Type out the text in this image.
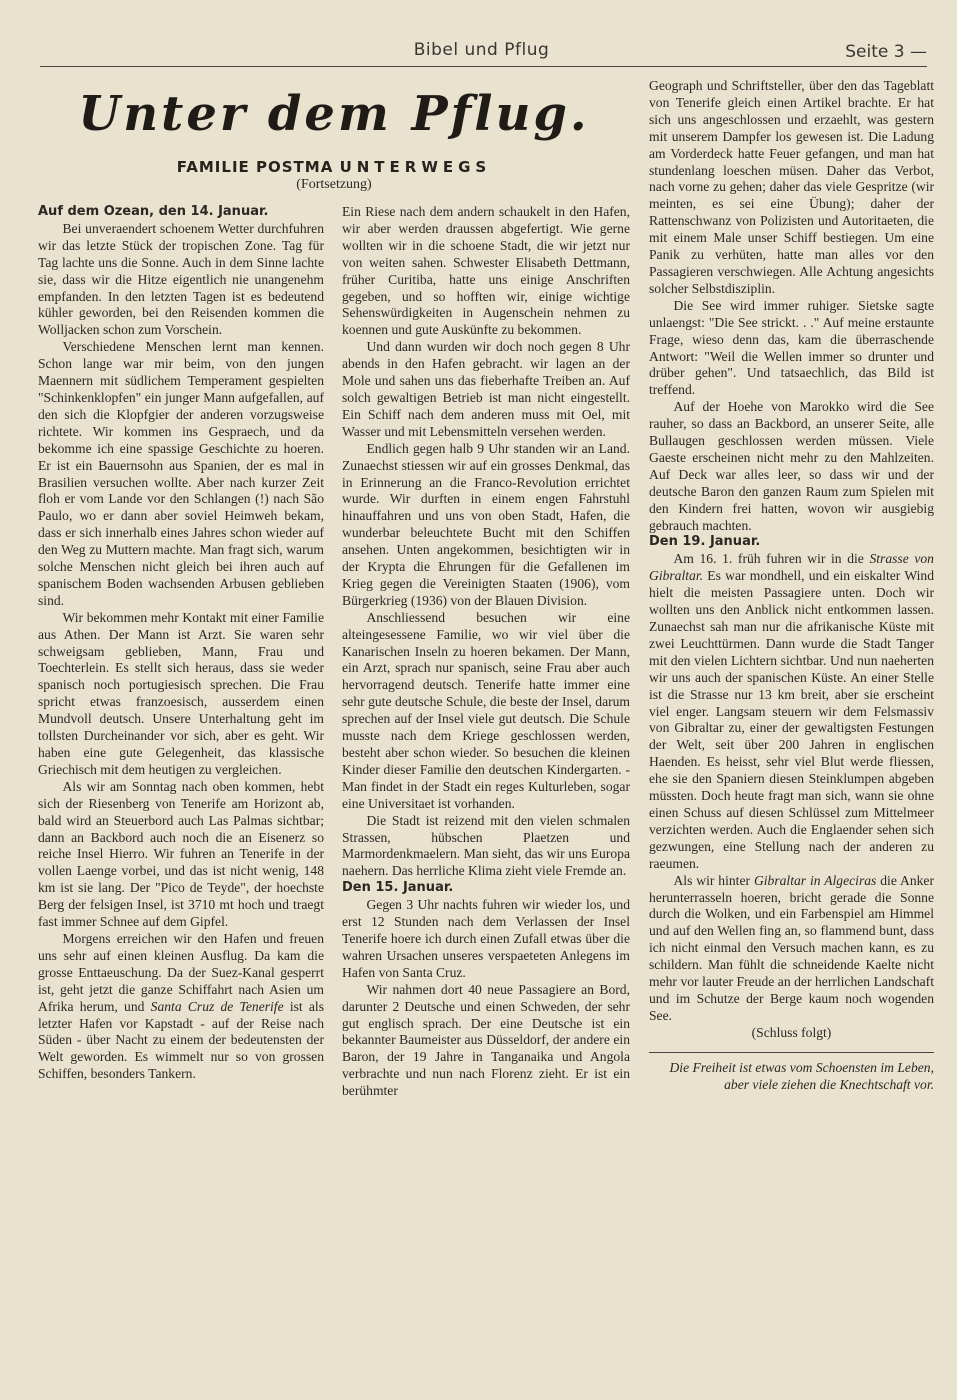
Bibel und Pflug	Seite 3 —
Unter dem Pflug.
FAMILIE POSTMA UNTERWEGS
(Fortsetzung)

Auf dem Ozean, den 14. Januar.

Bei unveraendert schoenem Wetter durchfuhren wir das letzte Stück der tropischen Zone. Tag für Tag lachte uns die Sonne. Auch in dem Sinne lachte sie, dass wir die Hitze eigentlich nie unangenehm empfanden. In den letzten Tagen ist es bedeutend kühler geworden, bei den Reisenden kommen die Wolljacken schon zum Vorschein.

Verschiedene Menschen lernt man kennen. Schon lange war mir beim, von den jungen Maennern mit südlichem Temperament gespielten "Schinkenklopfen" ein junger Mann aufgefallen, auf den sich die Klopfgier der anderen vorzugsweise richtete. Wir kommen ins Gespraech, und da bekomme ich eine spassige Geschichte zu hoeren. Er ist ein Bauernsohn aus Spanien, der es mal in Brasilien versuchen wollte. Aber nach kurzer Zeit floh er vom Lande vor den Schlangen (!) nach São Paulo, wo er dann aber soviel Heimweh bekam, dass er sich innerhalb eines Jahres schon wieder auf den Weg zu Muttern machte. Man fragt sich, warum solche Menschen nicht gleich bei ihren auch auf spanischem Boden wachsenden Arbusen geblieben sind.

Wir bekommen mehr Kontakt mit einer Familie aus Athen. Der Mann ist Arzt. Sie waren sehr schweigsam geblieben, Mann, Frau und Toechterlein. Es stellt sich heraus, dass sie weder spanisch noch portugiesisch sprechen. Die Frau spricht etwas franzoesisch, ausserdem einen Mundvoll deutsch. Unsere Unterhaltung geht im tollsten Durcheinander vor sich, aber es geht. Wir haben eine gute Gelegenheit, das klassische Griechisch mit dem heutigen zu vergleichen.

Als wir am Sonntag nach oben kommen, hebt sich der Riesenberg von Tenerife am Horizont ab, bald wird an Steuerbord auch Las Palmas sichtbar; dann an Backbord auch noch die an Eisenerz so reiche Insel Hierro. Wir fuhren an Tenerife in der vollen Laenge vorbei, und das ist nicht wenig, 148 km ist sie lang. Der "Pico de Teyde", der hoechste Berg der felsigen Insel, ist 3710 mt hoch und traegt fast immer Schnee auf dem Gipfel.

Morgens erreichen wir den Hafen und freuen uns sehr auf einen kleinen Ausflug. Da kam die grosse Enttaeuschung. Da der Suez-Kanal gesperrt ist, geht jetzt die ganze Schiffahrt nach Asien um Afrika herum, und Santa Cruz de Tenerife ist als letzter Hafen vor Kapstadt - auf der Reise nach Süden - über Nacht zu einem der bedeutensten der Welt geworden. Es wimmelt nur so von grossen Schiffen, besonders Tankern.

Ein Riese nach dem andern schaukelt in den Hafen, wir aber werden draussen abgefertigt. Wie gerne wollten wir in die schoene Stadt, die wir jetzt nur von weiten sahen. Schwester Elisabeth Dettmann, früher Curitiba, hatte uns einige Anschriften gegeben, und so hofften wir, einige wichtige Sehenswürdigkeiten in Augenschein nehmen zu koennen und gute Auskünfte zu bekommen.

Und dann wurden wir doch noch gegen 8 Uhr abends in den Hafen gebracht. wir lagen an der Mole und sahen uns das fieberhafte Treiben an. Auf solch gewaltigen Betrieb ist man nicht eingestellt. Ein Schiff nach dem anderen muss mit Oel, mit Wasser und mit Lebensmitteln versehen werden.

Endlich gegen halb 9 Uhr standen wir an Land. Zunaechst stiessen wir auf ein grosses Denkmal, das in Erinnerung an die Franco-Revolution errichtet wurde. Wir durften in einem engen Fahrstuhl hinauffahren und uns von oben Stadt, Hafen, die wunderbar beleuchtete Bucht mit den Schiffen ansehen. Unten angekommen, besichtigten wir in der Krypta die Ehrungen für die Gefallenen im Krieg gegen die Vereinigten Staaten (1906), vom Bürgerkrieg (1936) von der Blauen Division.

Anschliessend besuchen wir eine alteingesessene Familie, wo wir viel über die Kanarischen Inseln zu hoeren bekamen. Der Mann, ein Arzt, sprach nur spanisch, seine Frau aber auch hervorragend deutsch. Tenerife hatte immer eine sehr gute deutsche Schule, die beste der Insel, darum sprechen auf der Insel viele gut deutsch. Die Schule musste nach dem Kriege geschlossen werden, besteht aber schon wieder. So besuchen die kleinen Kinder dieser Familie den deutschen Kindergarten. - Man findet in der Stadt ein reges Kulturleben, sogar eine Universitaet ist vorhanden.

Die Stadt ist reizend mit den vielen schmalen Strassen, hübschen Plaetzen und Marmordenkmaelern. Man sieht, das wir uns Europa naehern. Das herrliche Klima zieht viele Fremde an.

Den 15. Januar.

Gegen 3 Uhr nachts fuhren wir wieder los, und erst 12 Stunden nach dem Verlassen der Insel Tenerife hoere ich durch einen Zufall etwas über die wahren Ursachen unseres verspaeteten Anlegens im Hafen von Santa Cruz.

Wir nahmen dort 40 neue Passagiere an Bord, darunter 2 Deutsche und einen Schweden, der sehr gut englisch sprach. Der eine Deutsche ist ein bekannter Baumeister aus Düsseldorf, der andere ein Baron, der 19 Jahre in Tanganaika und Angola verbrachte und nun nach Florenz zieht. Er ist ein berühmter

Geograph und Schriftsteller, über den das Tageblatt von Tenerife gleich einen Artikel brachte. Er hat sich uns angeschlossen und erzaehlt, was gestern mit unserem Dampfer los gewesen ist. Die Ladung am Vorderdeck hatte Feuer gefangen, und man hat stundenlang loeschen müsen. Daher das Verbot, nach vorne zu gehen; daher das viele Gespritze (wir meinten, es sei eine Übung); daher der Rattenschwanz von Polizisten und Autoritaeten, die mit einem Male unser Schiff bestiegen. Um eine Panik zu verhüten, hatte man alles vor den Passagieren verschwiegen. Alle Achtung angesichts solcher Selbstdisziplin.

Die See wird immer ruhiger. Sietske sagte unlaengst: "Die See strickt. . ." Auf meine erstaunte Frage, wieso denn das, kam die überraschende Antwort: "Weil die Wellen immer so drunter und drüber gehen". Und tatsaechlich, das Bild ist treffend.

Auf der Hoehe von Marokko wird die See rauher, so dass an Backbord, an unserer Seite, alle Bullaugen geschlossen werden müssen. Viele Gaeste erscheinen nicht mehr zu den Mahlzeiten. Auf Deck war alles leer, so dass wir und der deutsche Baron den ganzen Raum zum Spielen mit den Kindern frei hatten, wovon wir ausgiebig gebrauch machten.

Den 19. Januar.

Am 16. 1. früh fuhren wir in die Strasse von Gibraltar. Es war mondhell, und ein eiskalter Wind hielt die meisten Passagiere unten. Doch wir wollten uns den Anblick nicht entkommen lassen. Zunaechst sah man nur die afrikanische Küste mit zwei Leuchttürmen. Dann wurde die Stadt Tanger mit den vielen Lichtern sichtbar. Und nun naeherten wir uns auch der spanischen Küste. An einer Stelle ist die Strasse nur 13 km breit, aber sie erscheint viel enger. Langsam steuern wir dem Felsmassiv von Gibraltar zu, einer der gewaltigsten Festungen der Welt, seit über 200 Jahren in englischen Haenden. Es heisst, sehr viel Blut werde fliessen, ehe sie den Spaniern diesen Steinklumpen abgeben müssten. Doch heute fragt man sich, wann sie ohne einen Schuss auf diesen Schlüssel zum Mittelmeer verzichten werden. Auch die Englaender sehen sich gezwungen, eine Stellung nach der anderen zu raeumen.

Als wir hinter Gibraltar in Algeciras die Anker herunterrasseln hoeren, bricht gerade die Sonne durch die Wolken, und ein Farbenspiel am Himmel und auf den Wellen fing an, so flammend bunt, dass ich nicht einmal den Versuch machen kann, es zu schildern. Man fühlt die schneidende Kaelte nicht mehr vor lauter Freude an der herrlichen Landschaft und im Schutze der Berge kaum noch wogenden See.

(Schluss folgt)

Die Freiheit ist etwas vom Schoensten im Leben, aber viele ziehen die Knechtschaft vor.
